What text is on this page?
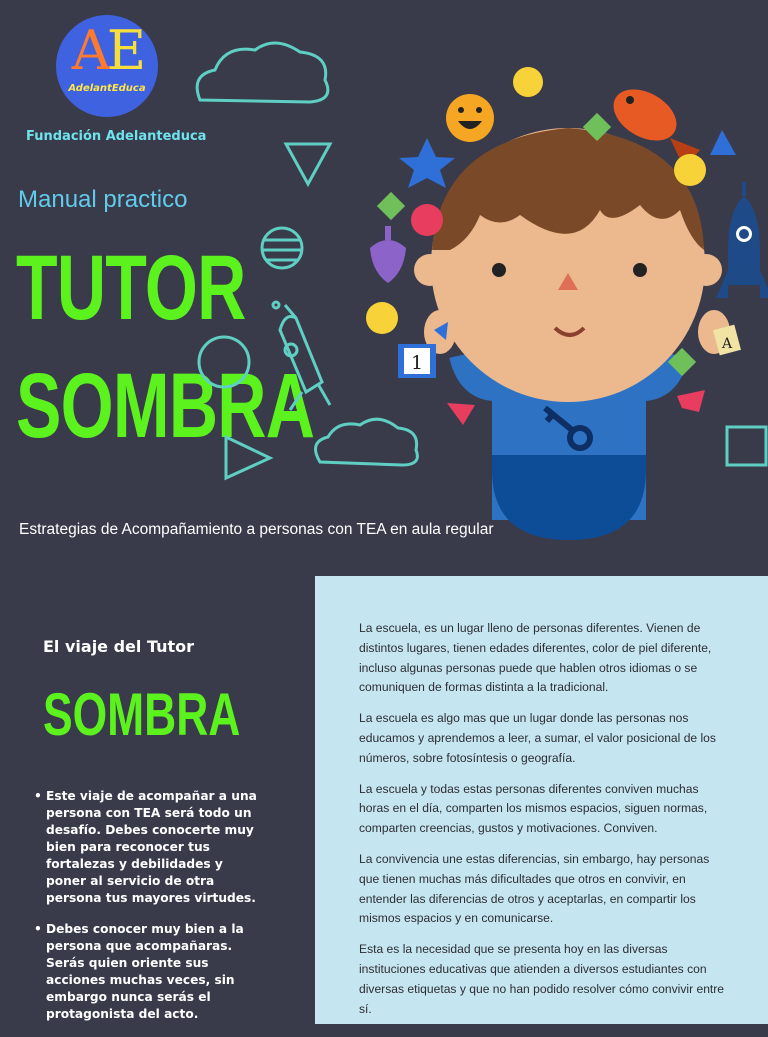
AE
AdelantEduca
Fundación Adelanteduca
Manual practico
TUTOR
SOMBRA
Estrategias de Acompañamiento a personas con TEA en aula regular
1
A
El viaje del Tutor
SOMBRA
• Este viaje de acompañar a una persona con TEA será todo un desafío. Debes conocerte muy bien para reconocer tus fortalezas y debilidades y poner al servicio de otra persona tus mayores virtudes.
• Debes conocer muy bien a la persona que acompañaras. Serás quien oriente sus acciones muchas veces, sin embargo nunca serás el protagonista del acto.

La escuela, es un lugar lleno de personas diferentes. Vienen de distintos lugares, tienen edades diferentes, color de piel diferente, incluso algunas personas puede que hablen otros idiomas o se comuniquen de formas distinta a la tradicional.

La escuela es algo mas que un lugar donde las personas nos educamos y aprendemos a leer, a sumar, el valor posicional de los números, sobre fotosíntesis o geografía.

La escuela y todas estas personas diferentes conviven muchas horas en el día, comparten los mismos espacios, siguen normas, comparten creencias, gustos y motivaciones. Conviven.

La convivencia une estas diferencias, sin embargo, hay personas que tienen muchas más dificultades que otros en convivir, en entender las diferencias de otros y aceptarlas, en compartir los mismos espacios y en comunicarse.

Esta es la necesidad que se presenta hoy en las diversas instituciones educativas que atienden a diversos estudiantes con diversas etiquetas y que no han podido resolver cómo convivir entre sí.
